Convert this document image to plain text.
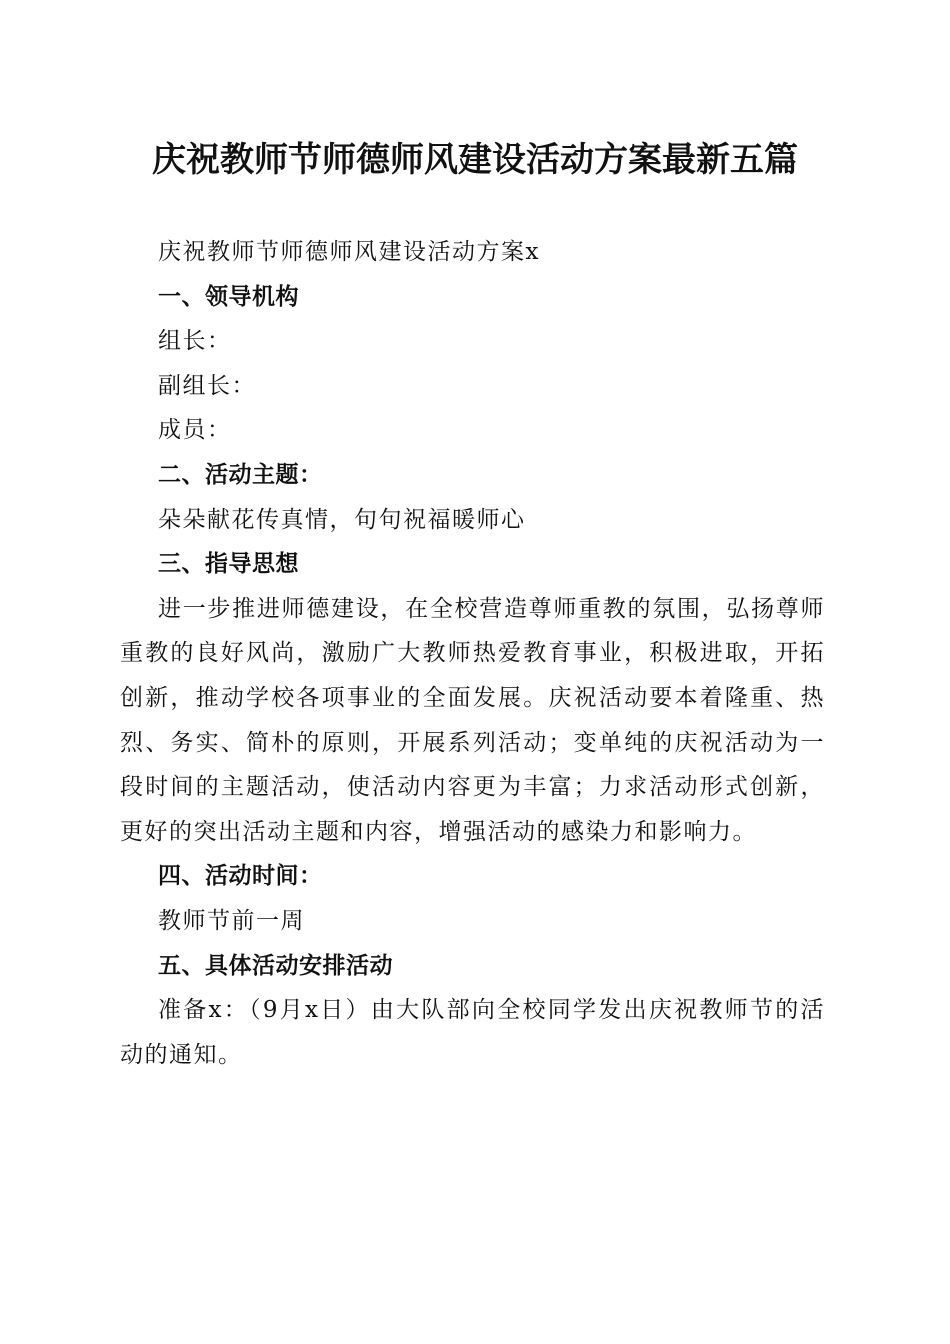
庆祝教师节师德师风建设活动方案最新五篇

庆祝教师节师德师风建设活动方案x

一、领导机构

组长：

副组长：

成员：

二、活动主题：

朵朵献花传真情，句句祝福暖师心

三、指导思想

进一步推进师德建设，在全校营造尊师重教的氛围，弘扬尊师重教的良好风尚，激励广大教师热爱教育事业，积极进取，开拓创新，推动学校各项事业的全面发展。庆祝活动要本着隆重、热烈、务实、简朴的原则，开展系列活动；变单纯的庆祝活动为一段时间的主题活动，使活动内容更为丰富；力求活动形式创新，更好的突出活动主题和内容，增强活动的感染力和影响力。

四、活动时间：

教师节前一周

五、具体活动安排活动

准备x：（9月x日）由大队部向全校同学发出庆祝教师节的活动的通知。
